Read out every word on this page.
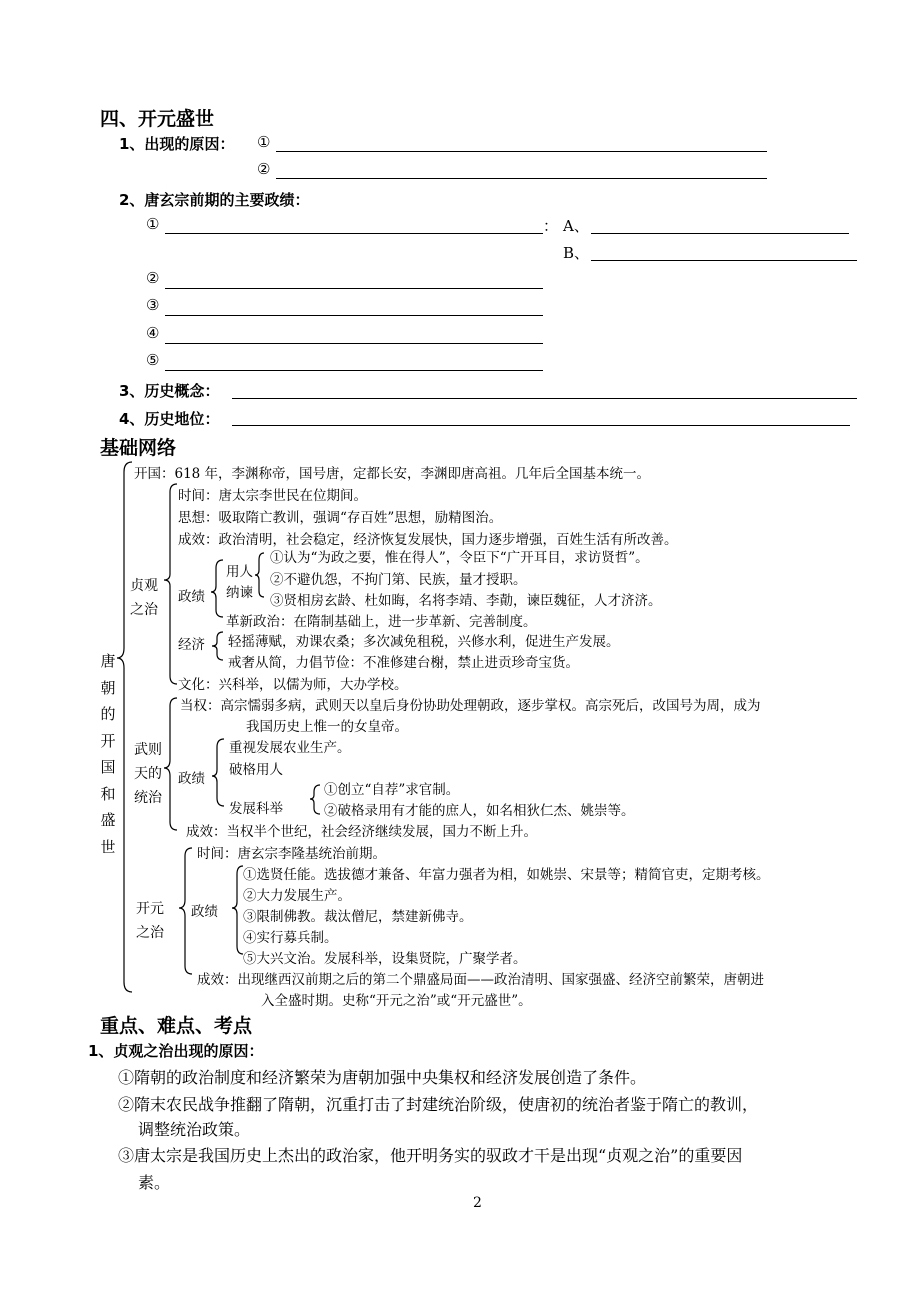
四、开元盛世
1、出现的原因： ①
②
2、唐玄宗前期的主要政绩：
①	： A、
B、
②
③
④
⑤
3、历史概念：
4、历史地位：
基础网络
唐朝的开国和盛世
开国：618 年，李渊称帝，国号唐，定都长安，李渊即唐高祖。几年后全国基本统一。
贞观之治
时间：唐太宗李世民在位期间。
思想：吸取隋亡教训，强调“存百姓”思想，励精图治。
成效：政治清明，社会稳定，经济恢复发展快，国力逐步增强，百姓生活有所改善。
政绩
用人
纳谏
①认为“为政之要，惟在得人”，令臣下“广开耳目，求访贤哲”。
②不避仇怨，不拘门第、民族，量才授职。
③贤相房玄龄、杜如晦，名将李靖、李勣，谏臣魏征，人才济济。
革新政治：在隋制基础上，进一步革新、完善制度。
经济 轻摇薄赋，劝课农桑；多次减免租税，兴修水利，促进生产发展。
戒奢从简，力倡节俭：不准修建台榭，禁止进贡珍奇宝货。
文化：兴科举，以儒为师，大办学校。
武则天的统治
当权：高宗懦弱多病，武则天以皇后身份协助处理朝政，逐步掌权。高宗死后，改国号为周，成为
我国历史上惟一的女皇帝。
政绩
重视发展农业生产。
破格用人
发展科举
①创立“自荐”求官制。
②破格录用有才能的庶人，如名相狄仁杰、姚崇等。
成效：当权半个世纪，社会经济继续发展，国力不断上升。
开元之治
时间：唐玄宗李隆基统治前期。
政绩
①选贤任能。选拔德才兼备、年富力强者为相，如姚崇、宋景等；精简官吏，定期考核。
②大力发展生产。
③限制佛教。裁汰僧尼，禁建新佛寺。
④实行募兵制。
⑤大兴文治。发展科举，设集贤院，广聚学者。
成效：出现继西汉前期之后的第二个鼎盛局面——政治清明、国家强盛、经济空前繁荣，唐朝进
入全盛时期。史称“开元之治”或“开元盛世”。
重点、难点、考点
1、贞观之治出现的原因：
①隋朝的政治制度和经济繁荣为唐朝加强中央集权和经济发展创造了条件。
②隋末农民战争推翻了隋朝，沉重打击了封建统治阶级，使唐初的统治者鉴于隋亡的教训，
调整统治政策。
③唐太宗是我国历史上杰出的政治家，他开明务实的驭政才干是出现“贞观之治”的重要因
素。
2
